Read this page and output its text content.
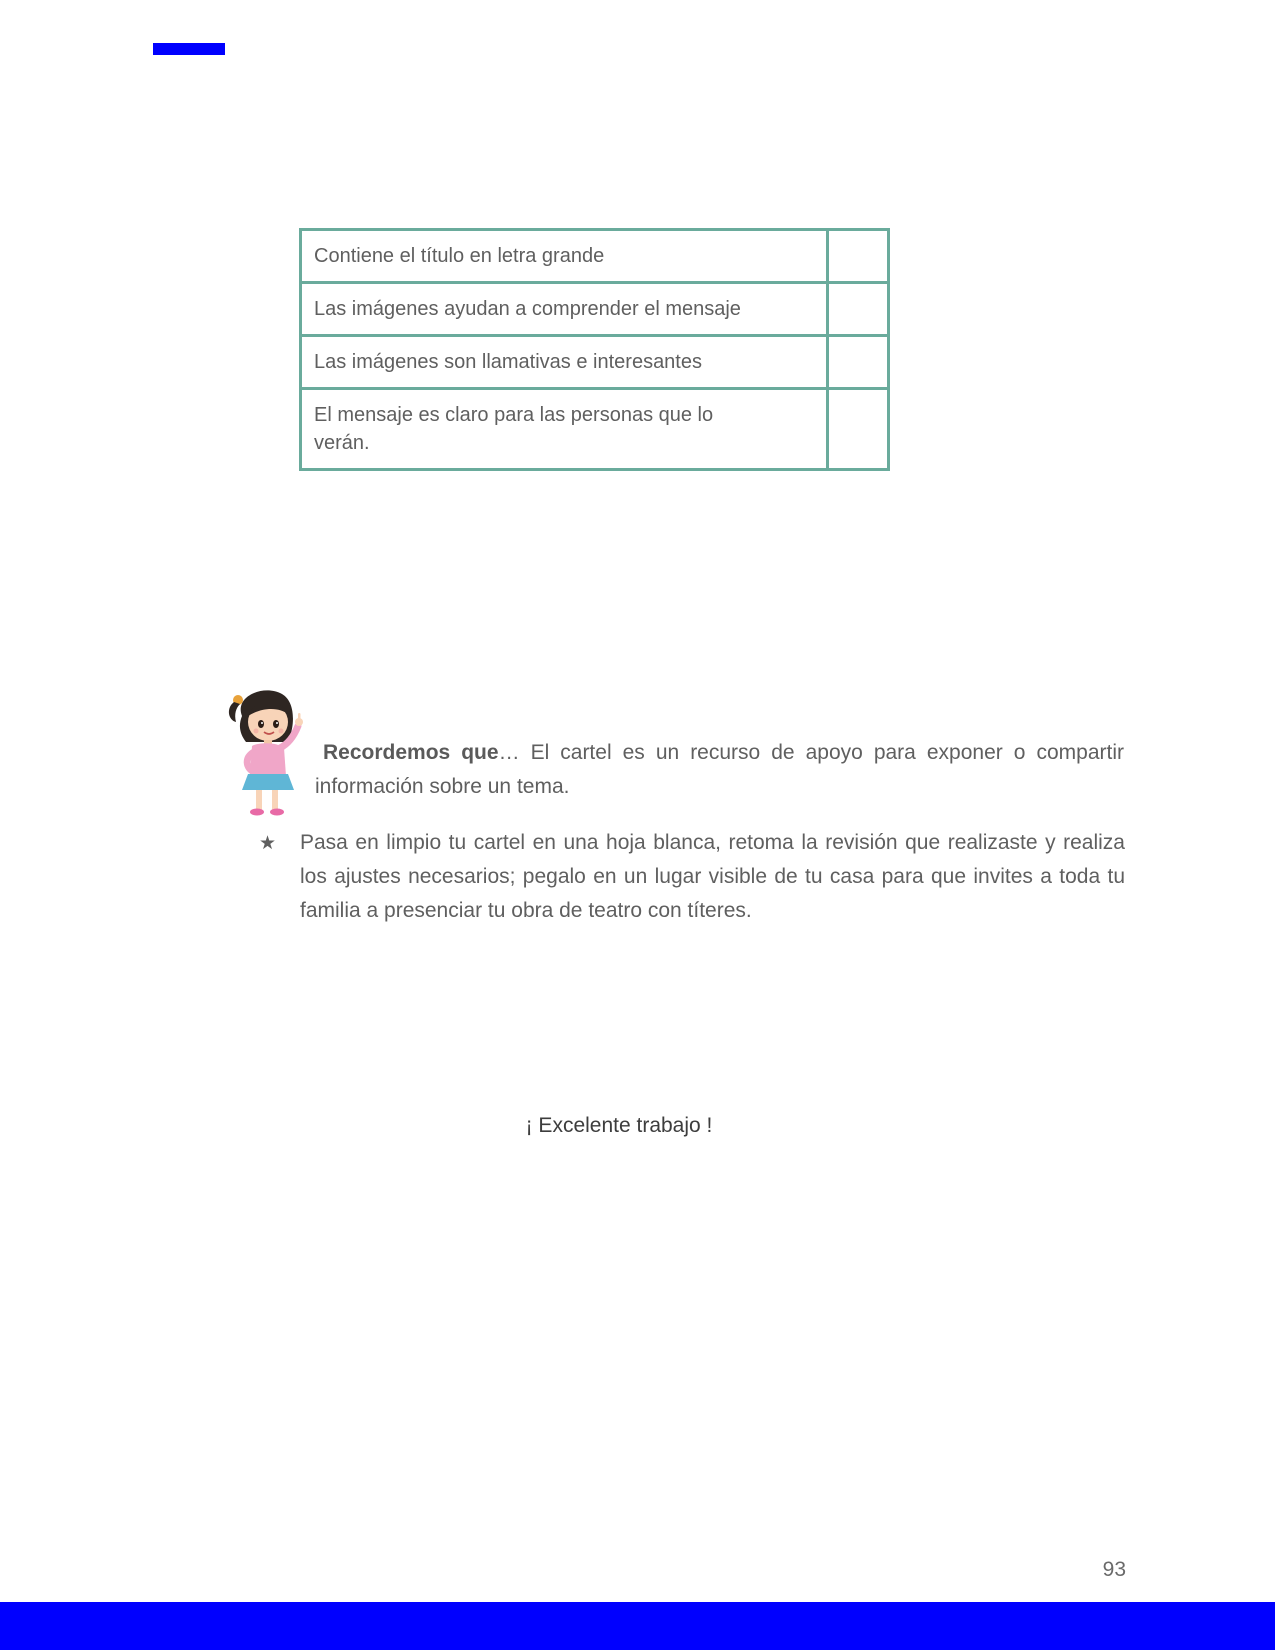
Contiene el título en letra grande	

Las imágenes ayudan a comprender el mensaje	

Las imágenes son llamativas e interesantes	

El mensaje es claro para las personas que lo verán.	

Recordemos que… El cartel es un recurso de apoyo para exponer o compartir información sobre un tema.

★	Pasa en limpio tu cartel en una hoja blanca, retoma la revisión que realizaste y realiza los ajustes necesarios; pegalo en un lugar visible de tu casa para que invites a toda tu familia a presenciar tu obra de teatro con títeres.

¡ Excelente trabajo !
93
